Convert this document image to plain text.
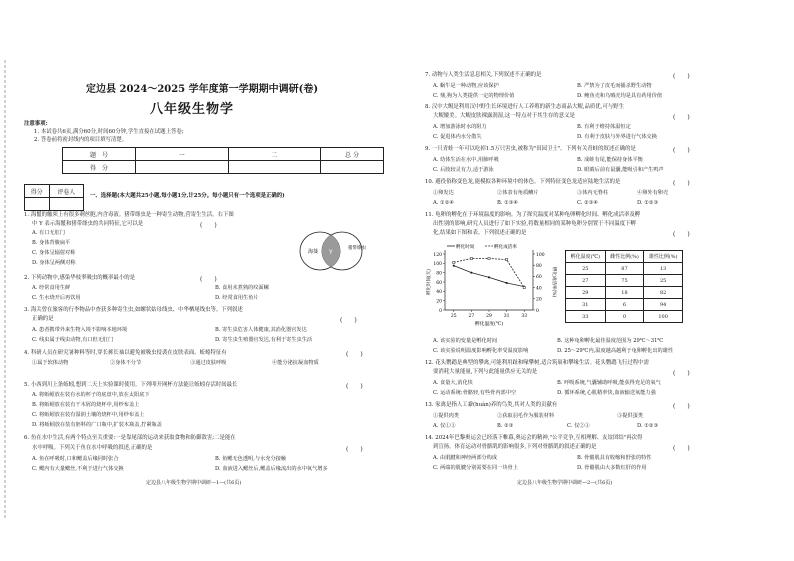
定边县 2024～2025 学年度第一学期期中调研(卷)
八年级生物学
注意事项:
1. 本试卷共6页,满分60分,时间60分钟,学生直接在试题上答卷;
2. 答卷前将密封线内的项目填写清楚。
题　号	一	二	总 分
得　分			
得分	评卷人

一、选择题(本大题共25小题,每小题1分,计25分。每小题只有一个选项是正确的)
1. 海鬣的触须上有很多刺丝胞,内含毒液。猪带绦虫是一种寄生动物,营寄生生活。右下图
中 Y 表示海鬣和猪带绦虫的共同特征,它可以是	(　　)
A. 有口无肛门
B. 身体背腹扁平
C. 身体呈辐射对称
D. 身体呈两侧对称
海葵 Y
猪带绦虫
2. 下列动物中,感染华枝睾吸虫的概率最小的是	(　　)
A. 经常食用生鲜	B. 食用未煮熟的纹面螺
C. 生水烧开后再饮用	D. 经常食用生鱼片
3. 海关曾在旅客的行李物品中查获多种寄生虫,如螺状姑母线虫、中华栖尾线虫等。下列叙述
正确的是	(　　)
A. 患者携带外来生物入境不影响本地环境	B. 寄生虫危害人体健康,其消化器官发达
C. 线虫属于线虫动物,有口但无肛门	D. 寄生虫生殖器官发达,有利于寄生虫生活
4. 科研人员在研究暑种料等时,穿长裤长袖以避免被吸虫侵袭在皮肤表面。蚯蚓特征有	(　　)
①属于软体动物	②身体不分节	③通过皮肤呼吸	④能分泌抗凝血物质
5. 小西到川上条蚯蚓,想到二天上实验课时使用。下列叩开网杯方法能让蚯蚓存活时间最长	(　　)
A. 将蚯蚓放在装有水的杯子的底盘中,放在太阳底下
B. 将蚯蚓放在装有干木屑的烧杯中,用纱布盖上
C. 将蚯蚓放在装有湿润土壤的烧杯中,用纱布盖上
D. 将蚯蚓放在装有胚料的广口瓶中,扩装木瓶盖,拧紧瓶盖
6. 鱼在水中生活,有两个特点至关重要:一是靠尾部的运动来获取食物和防御敌害;二是能在
水中呼吸。下列关于鱼在水中呼吸的叙述,正确的是	(　　)
A. 鱼在呼吸时,口和鳃盖后缘同时张合	B. 鱼鳃无色透明,与水充分接触
C. 鳃内有大量鳃丝,不利于进行气体交换	D. 血液进入鳃丝后,鳃盖后缘流出的水中氧气增多
定边县八年级生物学期中调研—1—(共6页)
7. 动物与人类生活息息相关,下列叙述不正确的是	(　　)
A. 蜗牛是一种动物,应该保护	B. 严禁为了皮毛而捕杀野生动物
C. 鼎,狗为人类提供一定的物理价值	D. 鲍鱼壳和乌贼壳均是具有药用价值
8. 汉中大鲵是利用汉中野生长环境进行人工养殖的新生态商品大鲵,品质优,可与野生
大鲵媲美。大鲵皮肤裸露润湿,这一特点对于其生存的意义是	(　　)
A. 增加游泳时水的阻力	B. 有利于维持体温恒定
C. 促进体内水分散失	D. 有利于皮肤与外界进行气体交换
9. 一只青蛙一年可以吃掉1.5万只害虫,被称为"田园卫士"。下列有关青蛙的叙述正确的是	(　　)
A. 幼体生活在水中,用肺呼吸	B. 成蛙有尾,能保持身体平衡
C. 后肢较灵有力,适于游泳	D. 眼睛后前有鼠囊,能吸引和产生鸣声
10. 避役俗称变色龙,能模拟各种环境中的体色。下列特征变色龙适应陆地生活的是	(　　)
①卵发达	②体表有角质鳞片	③体内无脊柱	④卵外有卵壳
A. ①②④	B. ①③④	C. ②③④	D. ①②③
11. 龟卵的孵化在于环境温度的影响。为了探究温度对某种龟卵孵化时间、孵化成活率及孵
出性别的影响,研究人员进行了如下实验,将数量相同的某种龟卵分别置于不同温度下孵
化,结果如下图和表。下列叙述正确的是	(　　)
0
20
40
60
80
100
120
0
20
40
60
80
100
25	27	29	31	33
孵化时间	孵化成活率
孵化温度(℃)
孵化时间(天)	孵化成活率(%)
孵化温度(℃)	雌性比例(%)	雄性比例(%)
25	87	13
27	75	25
29	18	82
31	6	94
33	0	100
A. 该实验的变量是孵化时间	B. 这种龟卵孵化最佳温度范围为 29℃～31℃
C. 该实验说明温度影响孵化率受温度影响	D. 25～29℃内,温度越高越利于龟卵孵化出的雄性
12. 花头鹦鹉是典型的攀禽,可能利用趾和喙攀树,适合筑巢和攀缘生活。花头鹦鹉飞行过程中需
要消耗大量能量,下列与此能量供应无关的是	(　　)
A. 食量大,消化快	B. 呼吸系统,气囊辅助呼吸,能获得充足的氧气
C. 运动系统:骨骼轻,有些骨内部中空	D. 循环系统,心肌精率快,血液输送氧能力强
13. 家禽是指人工豢(huàn)养的鸟类,其对人类的贡献有	(　　)
①提供肉类	②获取羽毛作为服装材料	③提供蛋类
A. 仅①③	B. ②③	C. 仅②③	D. ①②③
14. 2024年巴黎奥运会已经落下帷幕,奥运会的精神,"公平竞争,互相理解、友谊团结"再次得
到宣扬。体育运动对骨骼肌的影响很多,下列对骨骼肌的叙述正确的是	(　　)
A. 由肌腱和神经两部分构成	B. 骨骼肌具有收缩和舒张的特性
C. 两端的肌腱分别需要在同一块骨上	D. 骨骼肌由大多数红肝的作用
定边县八年级生物学期中调研—2—(共6页)
